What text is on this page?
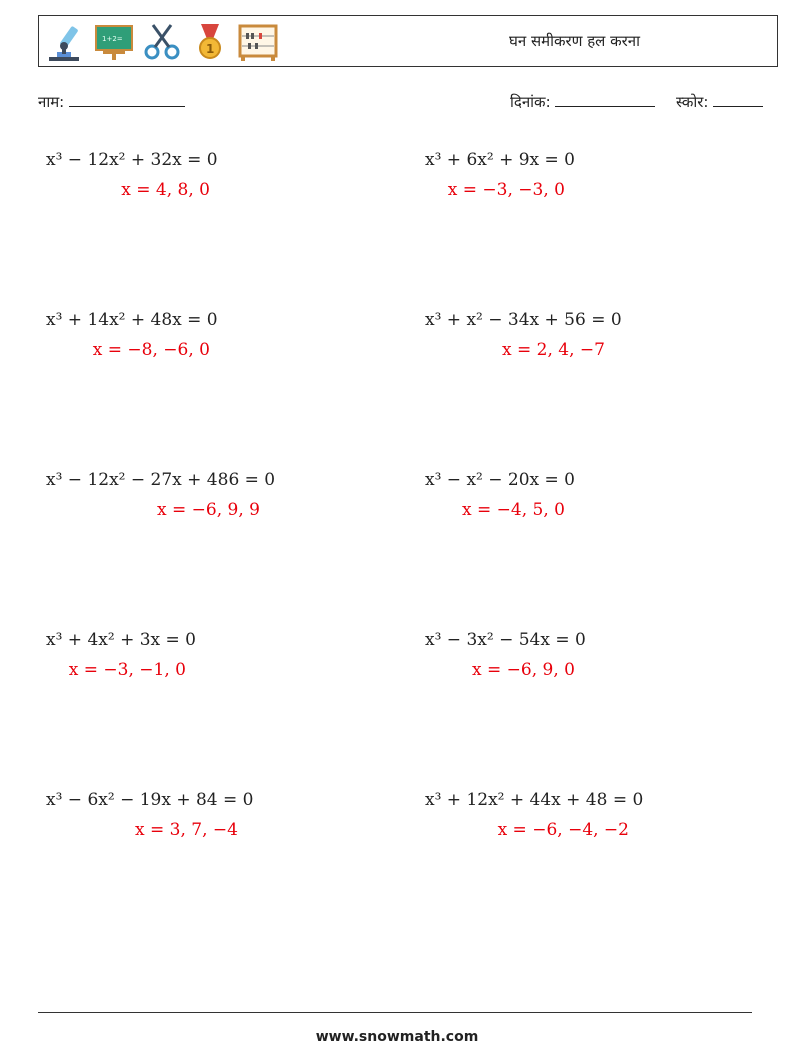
1+2=
1	घन समीकरण हल करना
नाम:	दिनांक:	स्कोर:
x³ − 12x² + 32x = 0
x = 4, 8, 0
x³ + 14x² + 48x = 0
x = −8, −6, 0
x³ − 12x² − 27x + 486 = 0
x = −6, 9, 9
x³ + 4x² + 3x = 0
x = −3, −1, 0
x³ − 6x² − 19x + 84 = 0
x = 3, 7, −4
x³ + 6x² + 9x = 0
x = −3, −3, 0
x³ + x² − 34x + 56 = 0
x = 2, 4, −7
x³ − x² − 20x = 0
x = −4, 5, 0
x³ − 3x² − 54x = 0
x = −6, 9, 0
x³ + 12x² + 44x + 48 = 0
x = −6, −4, −2
www.snowmath.com
